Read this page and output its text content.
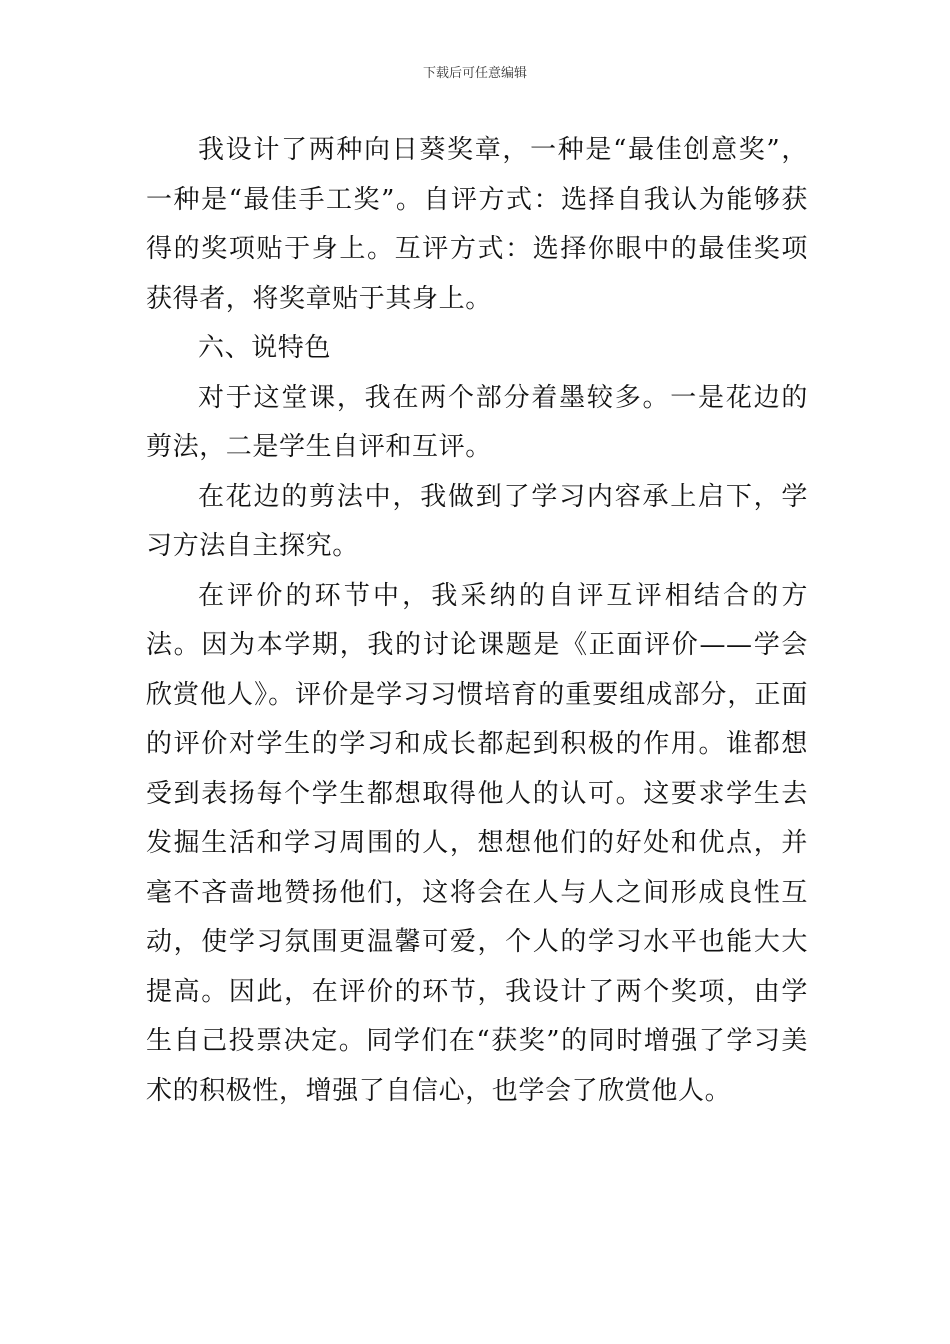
下载后可任意编辑

我设计了两种向日葵奖章，一种是“最佳创意奖”，一种是“最佳手工奖”。自评方式：选择自我认为能够获得的奖项贴于身上。互评方式：选择你眼中的最佳奖项获得者，将奖章贴于其身上。

六、说特色

对于这堂课，我在两个部分着墨较多。一是花边的剪法，二是学生自评和互评。

在花边的剪法中，我做到了学习内容承上启下，学习方法自主探究。

在评价的环节中，我采纳的自评互评相结合的方法。因为本学期，我的讨论课题是《正面评价——学会欣赏他人》。评价是学习习惯培育的重要组成部分，正面的评价对学生的学习和成长都起到积极的作用。谁都想受到表扬每个学生都想取得他人的认可。这要求学生去发掘生活和学习周围的人，想想他们的好处和优点，并毫不吝啬地赞扬他们，这将会在人与人之间形成良性互动，使学习氛围更温馨可爱，个人的学习水平也能大大提高。因此，在评价的环节，我设计了两个奖项，由学生自己投票决定。同学们在“获奖”的同时增强了学习美术的积极性，增强了自信心，也学会了欣赏他人。
